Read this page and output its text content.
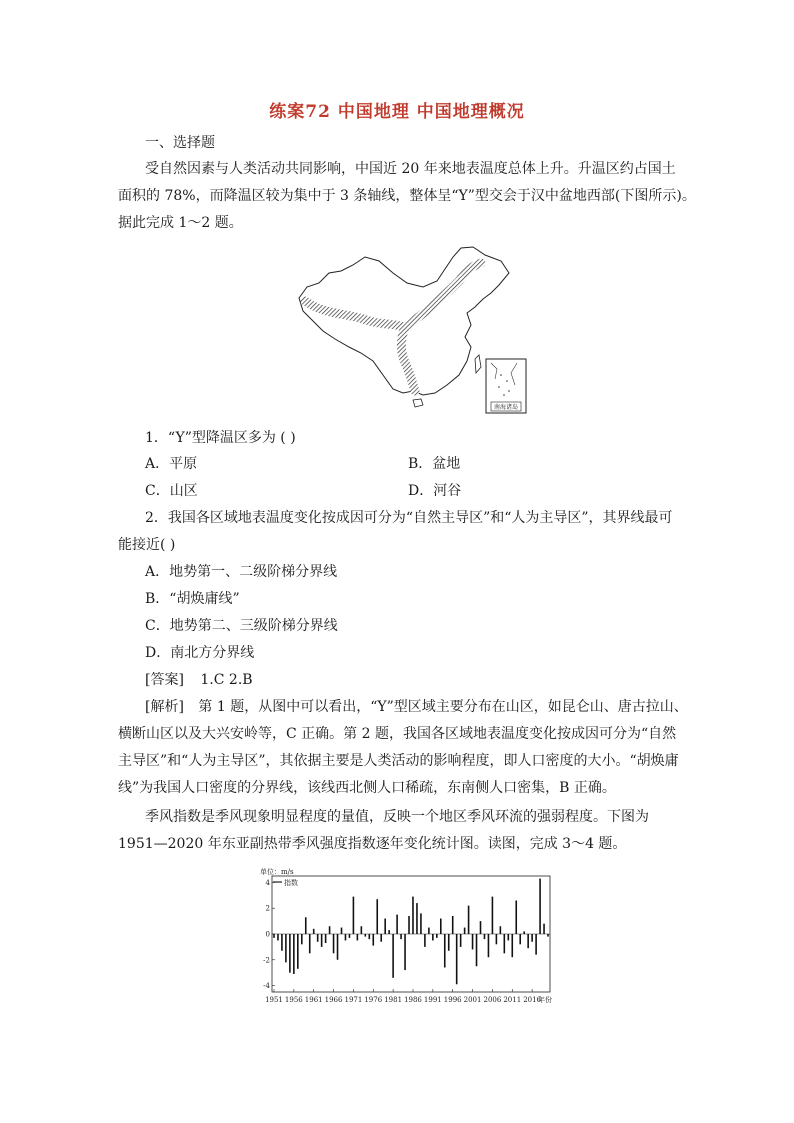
练案72 中国地理 中国地理概况
一、选择题
受自然因素与人类活动共同影响，中国近 20 年来地表温度总体上升。升温区约占国土
面积的 78%，而降温区较为集中于 3 条轴线，整体呈“Y”型交会于汉中盆地西部(下图所示)。
据此完成 1～2 题。
南海诸岛
1．“Y”型降温区多为 ( )
A．平原	B．盆地
C．山区	D．河谷
2．我国各区域地表温度变化按成因可分为“自然主导区”和“人为主导区”，其界线最可
能接近( )
A．地势第一、二级阶梯分界线
B．“胡焕庸线”
C．地势第二、三级阶梯分界线
D．南北方分界线
[答案] 1.C 2.B
[解析] 第 1 题，从图中可以看出，“Y”型区域主要分布在山区，如昆仑山、唐古拉山、
横断山区以及大兴安岭等，C 正确。第 2 题，我国各区域地表温度变化按成因可分为“自然
主导区”和“人为主导区”，其依据主要是人类活动的影响程度，即人口密度的大小。“胡焕庸
线”为我国人口密度的分界线，该线西北侧人口稀疏，东南侧人口密集，B 正确。
季风指数是季风现象明显程度的量值，反映一个地区季风环流的强弱程度。下图为
1951—2020 年东亚副热带季风强度指数逐年变化统计图。读图，完成 3～4 题。
单位：m/s
指数
4
2
0
-2
-4
1951 1956 1961 1966 1971 1976 1981 1986 1991 1996 2001 2006 2011 2016
年份
